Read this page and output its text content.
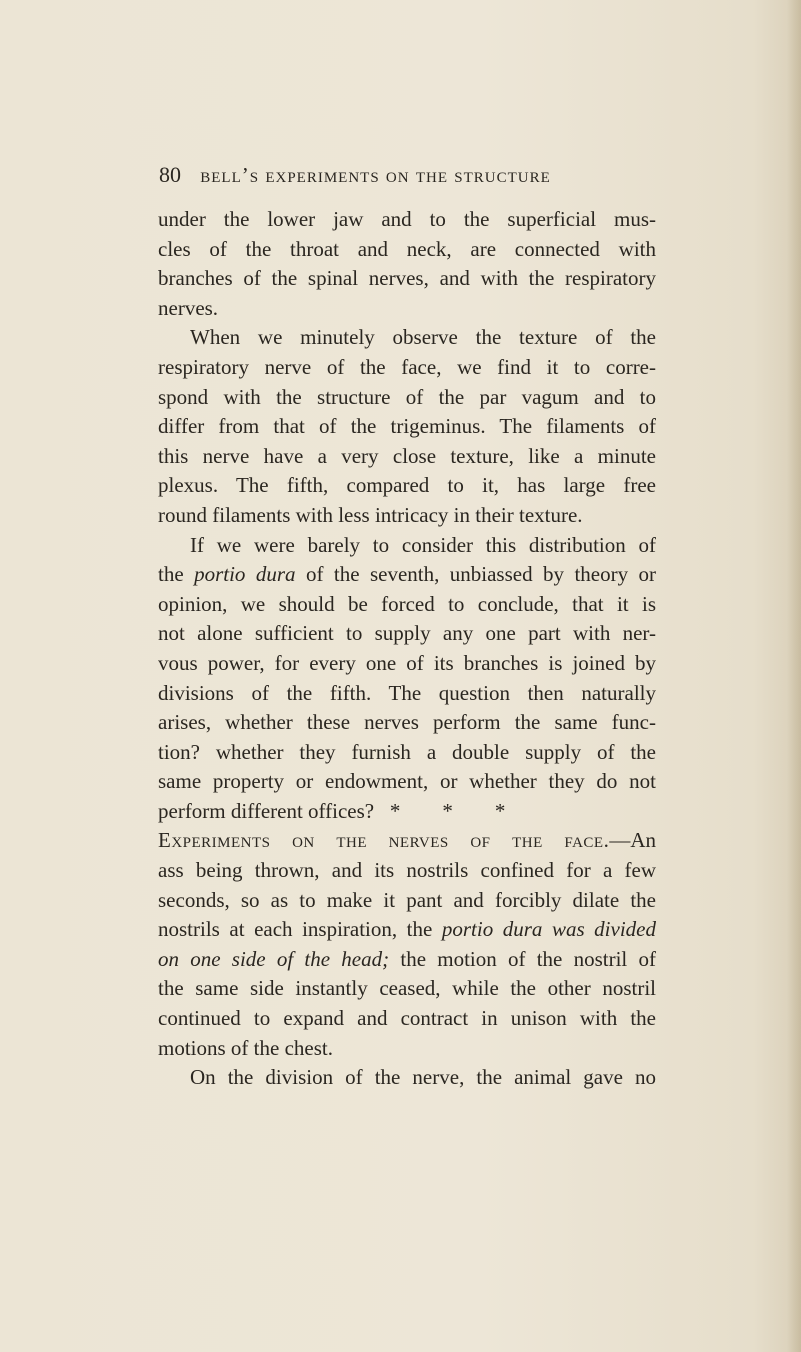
80 bell’s experiments on the structure
under the lower jaw and to the superficial mus-
cles of the throat and neck, are connected with
branches of the spinal nerves, and with the respiratory
nerves.
When we minutely observe the texture of the
respiratory nerve of the face, we find it to corre-
spond with the structure of the par vagum and to
differ from that of the trigeminus. The filaments of
this nerve have a very close texture, like a minute
plexus. The fifth, compared to it, has large free
round filaments with less intricacy in their texture.
If we were barely to consider this distribution of
the portio dura of the seventh, unbiassed by theory or
opinion, we should be forced to conclude, that it is
not alone sufficient to supply any one part with ner-
vous power, for every one of its branches is joined by
divisions of the fifth. The question then naturally
arises, whether these nerves perform the same func-
tion? whether they furnish a double supply of the
same property or endowment, or whether they do not
perform different offices? *        *        *
Experiments on the nerves of the face.—An
ass being thrown, and its nostrils confined for a few
seconds, so as to make it pant and forcibly dilate the
nostrils at each inspiration, the portio dura was divided
on one side of the head; the motion of the nostril of
the same side instantly ceased, while the other nostril
continued to expand and contract in unison with the
motions of the chest.
On the division of the nerve, the animal gave no
